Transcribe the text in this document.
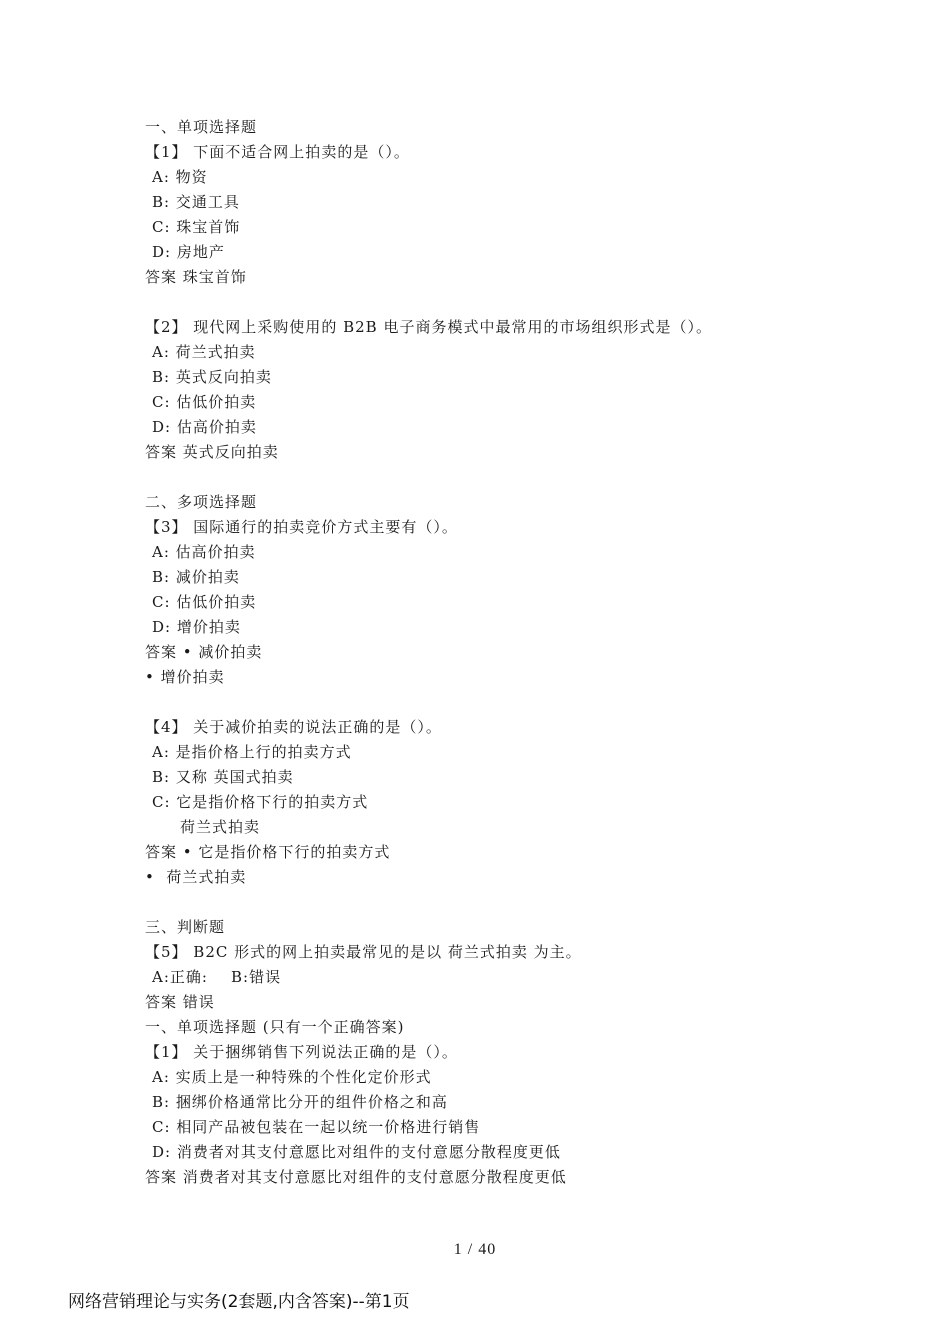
一、单项选择题
【1】 下面不适合网上拍卖的是（）。
A: 物资
B: 交通工具
C: 珠宝首饰
D: 房地产
答案 珠宝首饰
【2】 现代网上采购使用的 B2B 电子商务模式中最常用的市场组织形式是（）。
A: 荷兰式拍卖
B: 英式反向拍卖
C: 估低价拍卖
D: 估高价拍卖
答案 英式反向拍卖
二、多项选择题
【3】 国际通行的拍卖竞价方式主要有（）。
A: 估高价拍卖
B: 减价拍卖
C: 估低价拍卖
D: 增价拍卖
答案 • 减价拍卖
• 增价拍卖
【4】 关于减价拍卖的说法正确的是（）。
A: 是指价格上行的拍卖方式
B: 又称 英国式拍卖
C: 它是指价格下行的拍卖方式
荷兰式拍卖
答案 • 它是指价格下行的拍卖方式
•  荷兰式拍卖
三、判断题
【5】 B2C 形式的网上拍卖最常见的是以 荷兰式拍卖 为主。
A:正确:    B:错误
答案 错误
一、单项选择题 (只有一个正确答案)
【1】 关于捆绑销售下列说法正确的是（）。
A: 实质上是一种特殊的个性化定价形式
B: 捆绑价格通常比分开的组件价格之和高
C: 相同产品被包装在一起以统一价格进行销售
D: 消费者对其支付意愿比对组件的支付意愿分散程度更低
答案 消费者对其支付意愿比对组件的支付意愿分散程度更低
1 / 40
网络营销理论与实务(2套题,内含答案)--第1页
